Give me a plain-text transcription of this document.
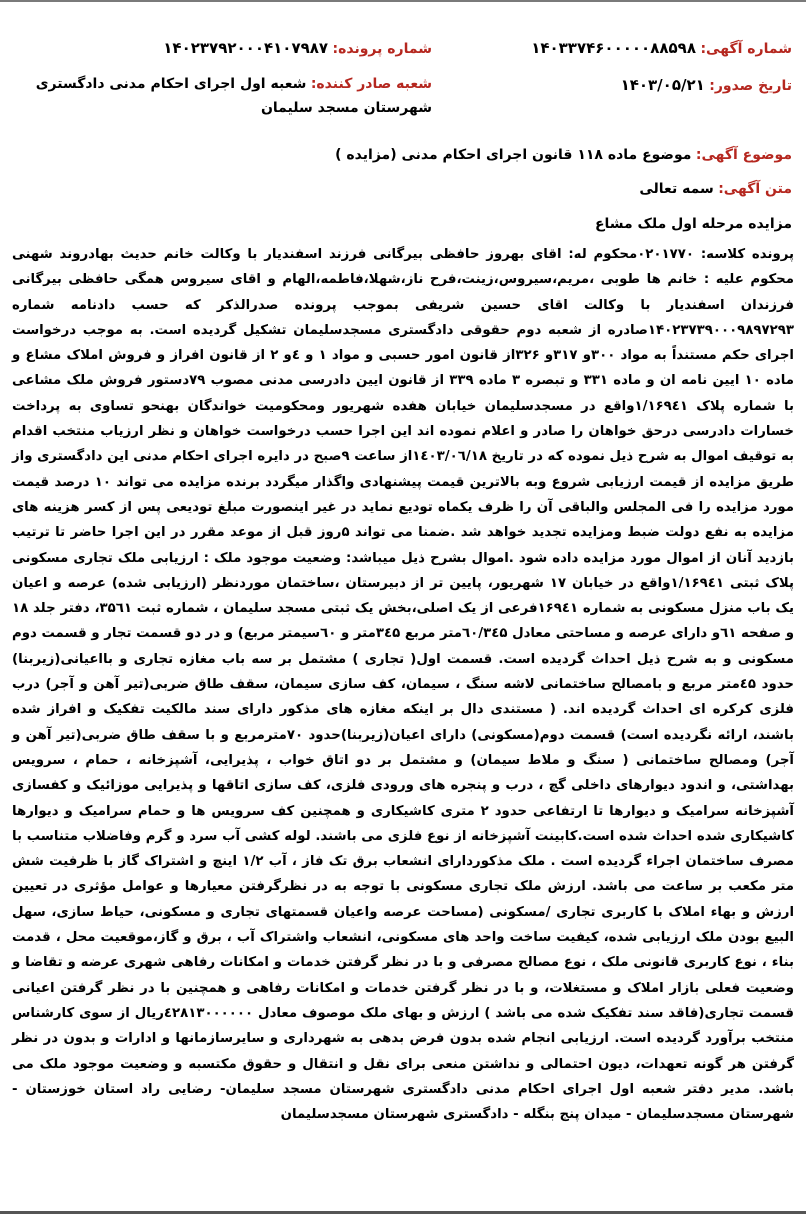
شماره آگهی: ۱۴۰۳۳۷۴۶۰۰۰۰۰۸۸۵۹۸
شماره پرونده: ۱۴۰۲۳۷۹۲۰۰۰۴۱۰۷۹۸۷
تاریخ صدور: ۱۴۰۳/۰۵/۲۱
شعبه صادر کننده: شعبه اول اجرای احکام مدنی دادگستری شهرستان مسجد سلیمان
موضوع آگهی: موضوع ماده ۱۱۸ قانون اجرای احکام مدنی (مزایده )
متن آگهی: سمه تعالی
مزایده مرحله اول ملک مشاع
پرونده کلاسه: ۰۲۰۱۷۷۰محکوم له: اقای بهروز حافظی بیرگانی فرزند اسفندیار با وکالت خانم حدیث بهادروند شهنی محکوم علیه : خانم ها طوبی ،مریم،سیروس،زینت،فرح ناز،شهلا،فاطمه،الهام و اقای سیروس همگی حافظی بیرگانی فرزندان اسفندیار با وکالت اقای حسین شریفی بموجب پرونده صدرالذکر که حسب دادنامه شماره ۱۴۰۲۳۷۳۹۰۰۰۹۸۹۷۲۹۳صادره از شعبه دوم حقوقی دادگستری مسجدسلیمان تشکیل گردیده است. به موجب درخواست اجرای حکم مستنداً به مواد ۳۰۰و ۳۱۷و ۳۲۶از قانون امور حسبی و مواد ۱ و ٤و ۲ از قانون افراز و فروش املاک مشاع و ماده ۱۰ ایین نامه ان و ماده ۳۳۱ و تبصره ۳ ماده ۳۳۹ از قانون ایین دادرسی مدنی مصوب ۷۹دستور فروش ملک مشاعی با شماره پلاک ۱/۱۶۹٤۱واقع در مسجدسلیمان خیابان هفده شهریور ومحکومیت خواندگان بهنحو تساوی به پرداخت خسارات دادرسی درحق خواهان را صادر و اعلام نموده اند این اجرا حسب درخواست خواهان و نظر ارزیاب منتخب اقدام به توقیف اموال به شرح ذیل نموده که در تاریخ ۱٤۰۳/۰٦/۱۸از ساعت ۹صبح در دایره اجرای احکام مدنی این دادگستری واز طریق مزایده از قیمت ارزیابی شروع وبه بالاترین قیمت پیشنهادی واگذار میگردد برنده مزایده می تواند ۱۰ درصد قیمت مورد مزایده را فی المجلس والباقی آن را ظرف یکماه تودیع نماید در غیر اینصورت مبلغ تودیعی پس از کسر هزینه های مزایده به نفع دولت ضبط ومزایده تجدید خواهد شد .ضمنا می تواند ۵روز قبل از موعد مقرر در این اجرا حاضر تا ترتیب بازدید آنان از اموال مورد مزایده داده شود .اموال بشرح ذیل میباشد: وضعیت موجود ملک : ارزیابی ملک تجاری مسکونی پلاک ثبتی ۱/۱۶۹٤۱واقع در خیابان ۱۷ شهریور، پایین تر از دبیرستان ،ساختمان موردنظر (ارزیابی شده) عرصه و اعیان یک باب منزل مسکونی به شماره ۱۶۹٤۱فرعی از یک اصلی،بخش یک ثبتی مسجد سلیمان ، شماره ثبت ۳۵٦۱، دفتر جلد ۱۸ و صفحه ٦۱و دارای عرصه و مساحتی معادل ٦۰/۳٤۵متر مربع ۳٤۵متر و ٦۰سیمتر مربع) و در دو قسمت تجار و قسمت دوم مسکونی و به شرح ذیل احداث گردیده است. قسمت اول( تجاری ) مشتمل بر سه باب مغازه تجاری و بااعیانی(زیربنا) حدود ٤۵متر مربع و بامصالح ساختمانی لاشه سنگ ، سیمان، کف سازی سیمان، سقف طاق ضربی(تیر آهن و آجر) درب فلزی کرکره ای احداث گردیده اند. ( مستندی دال بر اینکه مغازه های مذکور دارای سند مالکیت تفکیک و افراز شده باشند، ارائه نگردیده است) قسمت دوم(مسکونی) دارای اعیان(زیربنا)حدود ۷۰مترمربع و با سقف طاق ضربی(تیر آهن و آجر) ومصالح ساختمانی ( سنگ و ملاط سیمان) و مشتمل بر دو اتاق خواب ، پذیرایی، آشپزخانه ، حمام ، سرویس بهداشتی، و اندود دیوارهای داخلی گچ ، درب و پنجره های ورودی فلزی، کف سازی اتاقها و پذیرایی موزائیک و کفسازی آشپزخانه سرامیک و دیوارها تا ارتفاعی حدود ۲ متری کاشیکاری و همچنین کف سرویس ها و حمام سرامیک و دیوارها کاشیکاری شده احداث شده است.کابینت آشپزخانه از نوع فلزی می باشند. لوله کشی آب سرد و گرم وفاضلاب متناسب با مصرف ساختمان اجراء گردیده است . ملک مذکوردارای انشعاب برق تک فاز ، آب ۱/۲ اینچ و اشتراک گاز با ظرفیت شش متر مکعب بر ساعت می باشد. ارزش ملک تجاری مسکونی با توجه به در نظرگرفتن معیارها و عوامل مؤثری در تعیین ارزش و بهاء املاک با کاربری تجاری /مسکونی (مساحت عرصه واعیان قسمتهای تجاری و مسکونی، حیاط سازی، سهل البیع بودن ملک ارزیابی شده، کیفیت ساخت واحد های مسکونی، انشعاب واشتراک آب ، برق و گاز،موقعیت محل ، قدمت بناء ، نوع کاربری قانونی ملک ، نوع مصالح مصرفی و با در نظر گرفتن خدمات و امکانات رفاهی شهری عرضه و تقاضا و وضعیت فعلی بازار املاک و مستغلات، و با در نظر گرفتن خدمات و امکانات رفاهی و همچنین با در نظر گرفتن اعیانی قسمت تجاری(فاقد سند تفکیک شده می باشد ) ارزش و بهای ملک موصوف معادل ٤۲۸۱۳۰۰۰۰۰۰ریال از سوی کارشناس منتخب برآورد گردیده است. ارزیابی انجام شده بدون فرض بدهی به شهرداری و سایرسازمانها و ادارات و بدون در نظر گرفتن هر گونه تعهدات، دیون احتمالی و نداشتن منعی برای نقل و انتقال و حقوق مکتسبه و وضعیت موجود ملک می باشد. مدیر دفتر شعبه اول اجرای احکام مدنی دادگستری شهرستان مسجد سلیمان- رضایی راد استان خوزستان - شهرستان مسجدسلیمان - میدان پنج بنگله - دادگستری شهرستان مسجدسلیمان
